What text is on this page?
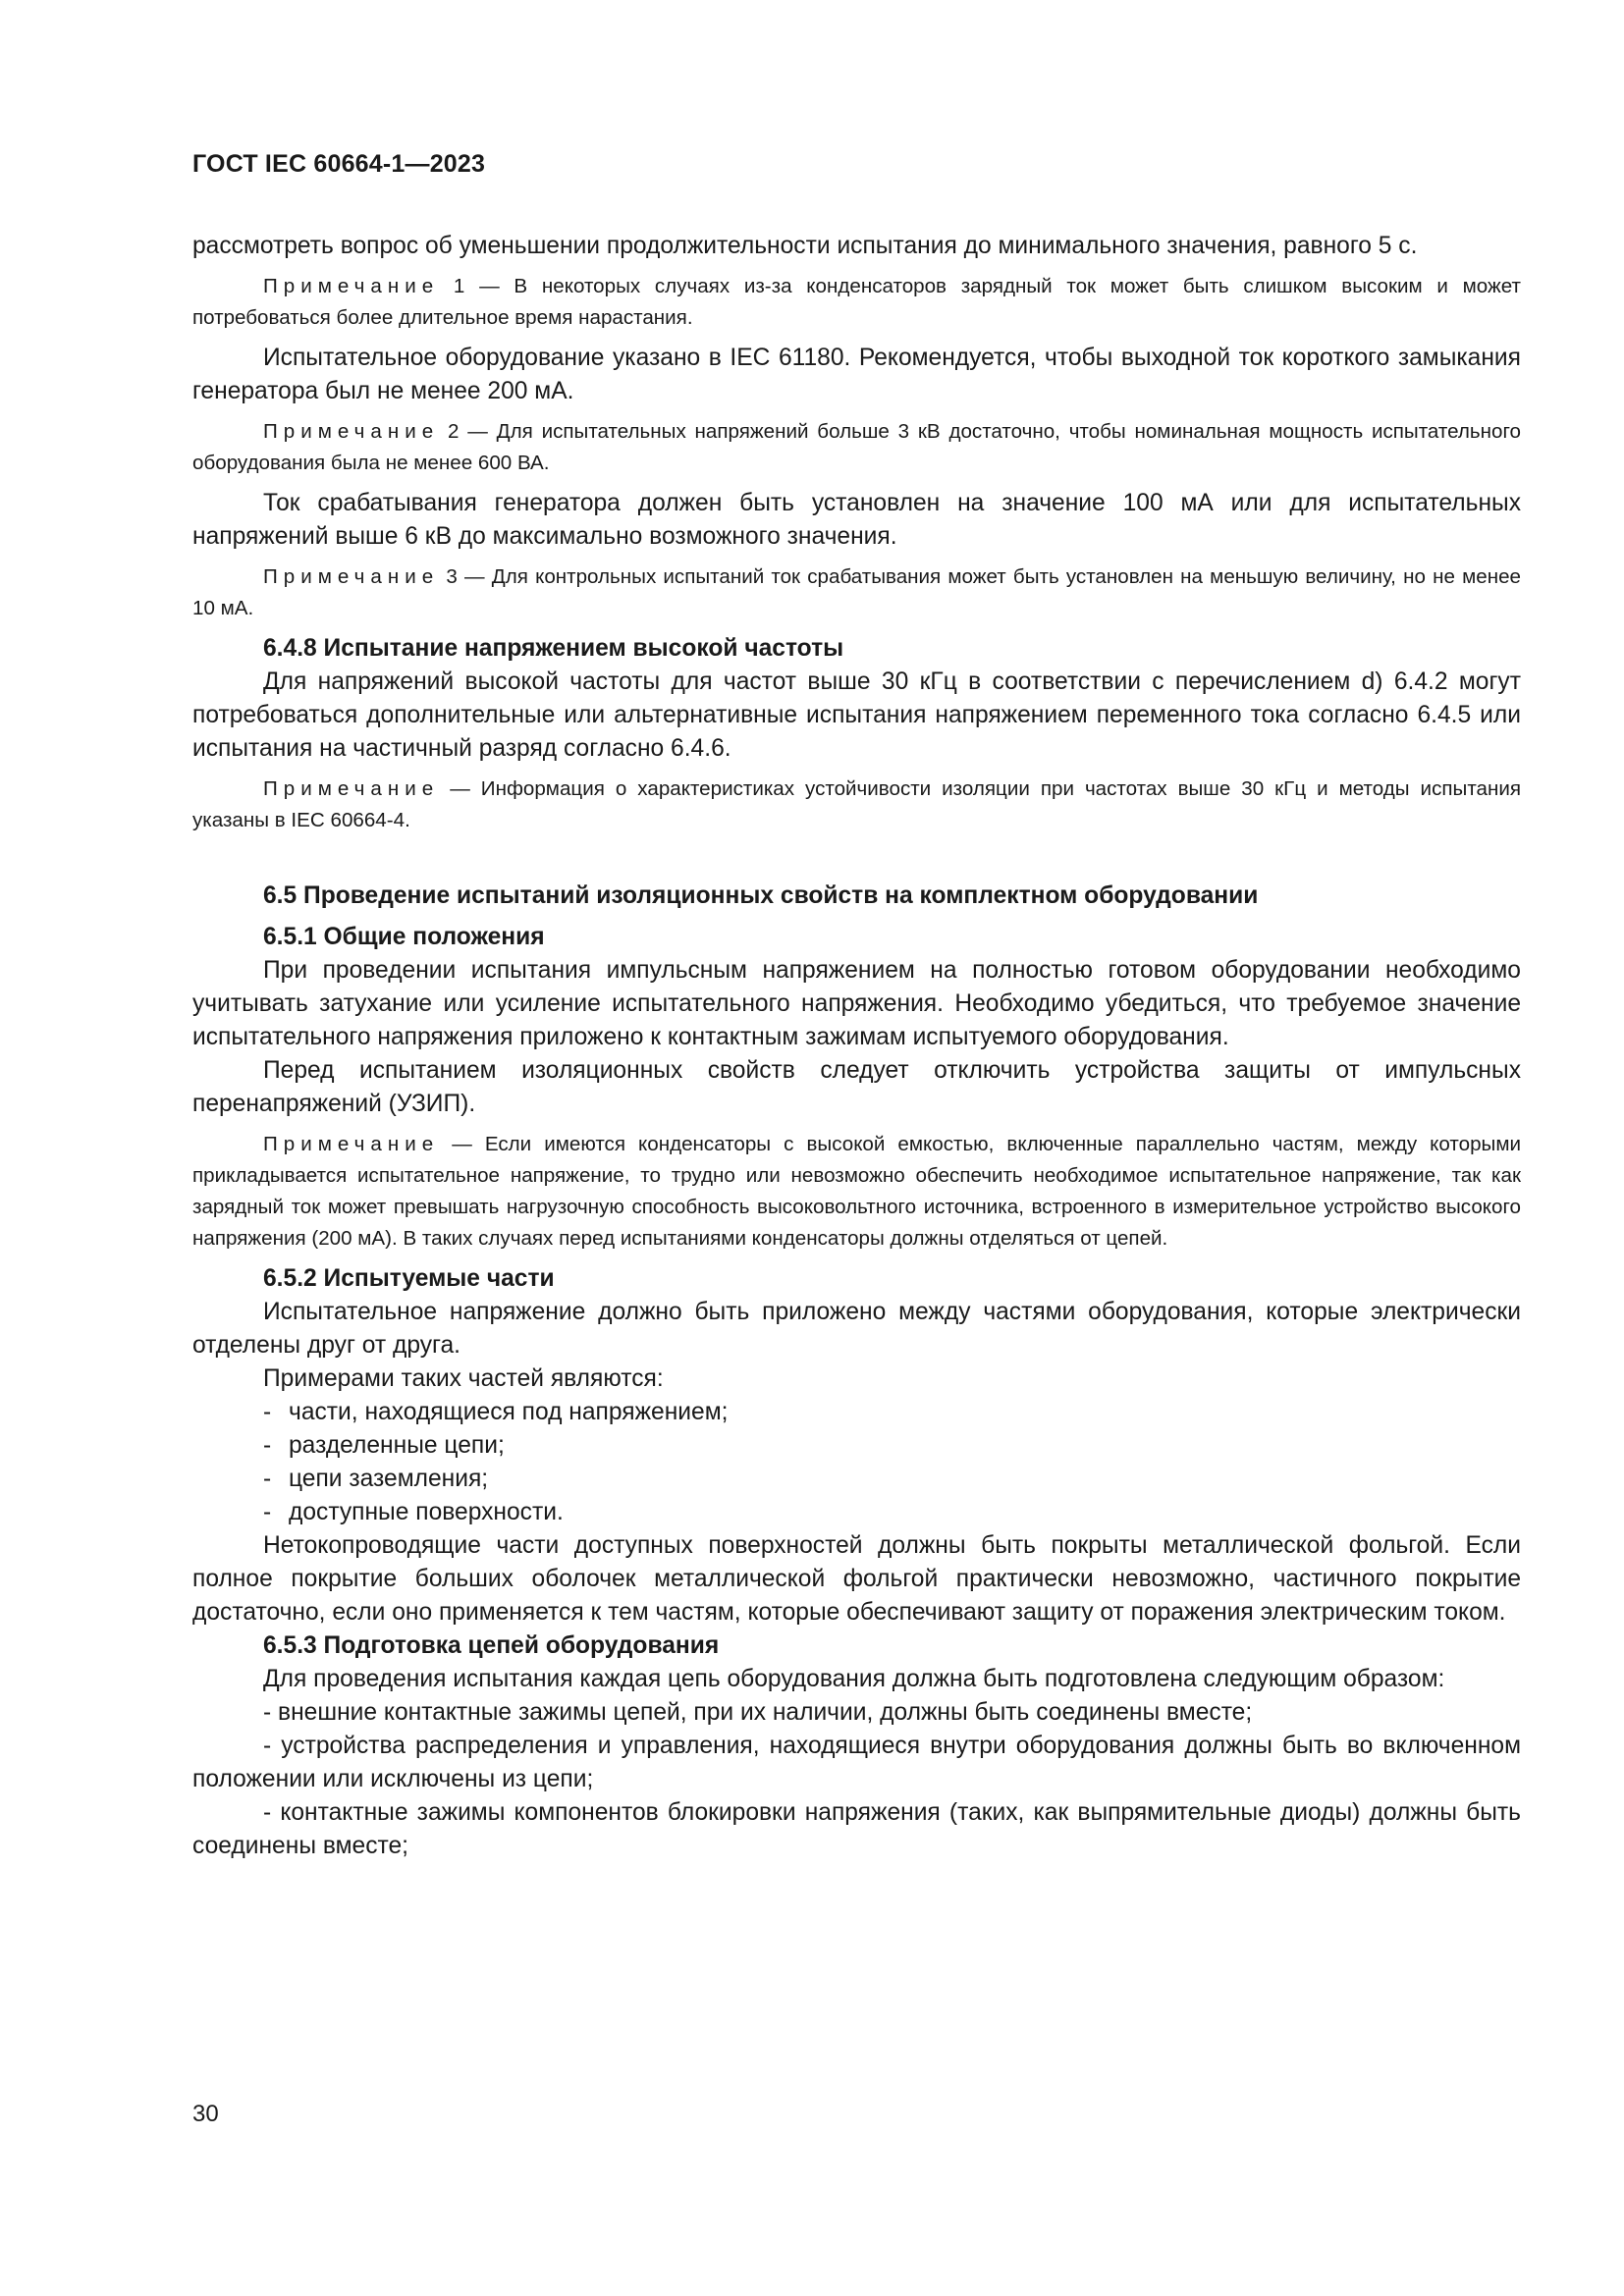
ГОСТ IEC 60664-1—2023

рассмотреть вопрос об уменьшении продолжительности испытания до минимального значения, равного 5 с.

Примечание 1 — В некоторых случаях из-за конденсаторов зарядный ток может быть слишком высоким и может потребоваться более длительное время нарастания.

Испытательное оборудование указано в IEC 61180. Рекомендуется, чтобы выходной ток короткого замыкания генератора был не менее 200 мА.

Примечание 2 — Для испытательных напряжений больше 3 кВ достаточно, чтобы номинальная мощность испытательного оборудования была не менее 600 ВА.

Ток срабатывания генератора должен быть установлен на значение 100 мА или для испытательных напряжений выше 6 кВ до максимально возможного значения.

Примечание 3 — Для контрольных испытаний ток срабатывания может быть установлен на меньшую величину, но не менее 10 мА.

6.4.8 Испытание напряжением высокой частоты

Для напряжений высокой частоты для частот выше 30 кГц в соответствии с перечислением d) 6.4.2 могут потребоваться дополнительные или альтернативные испытания напряжением переменного тока согласно 6.4.5 или испытания на частичный разряд согласно 6.4.6.

Примечание — Информация о характеристиках устойчивости изоляции при частотах выше 30 кГц и методы испытания указаны в IEC 60664-4.

6.5 Проведение испытаний изоляционных свойств на комплектном оборудовании
6.5.1 Общие положения

При проведении испытания импульсным напряжением на полностью готовом оборудовании необходимо учитывать затухание или усиление испытательного напряжения. Необходимо убедиться, что требуемое значение испытательного напряжения приложено к контактным зажимам испытуемого оборудования.

Перед испытанием изоляционных свойств следует отключить устройства защиты от импульсных перенапряжений (УЗИП).

Примечание — Если имеются конденсаторы с высокой емкостью, включенные параллельно частям, между которыми прикладывается испытательное напряжение, то трудно или невозможно обеспечить необходимое испытательное напряжение, так как зарядный ток может превышать нагрузочную способность высоковольтного источника, встроенного в измерительное устройство высокого напряжения (200 мА). В таких случаях перед испытаниями конденсаторы должны отделяться от цепей.

6.5.2 Испытуемые части

Испытательное напряжение должно быть приложено между частями оборудования, которые электрически отделены друг от друга.

Примерами таких частей являются:

- части, находящиеся под напряжением;
- разделенные цепи;
- цепи заземления;
- доступные поверхности.

Нетокопроводящие части доступных поверхностей должны быть покрыты металлической фольгой. Если полное покрытие больших оболочек металлической фольгой практически невозможно, частичного покрытие достаточно, если оно применяется к тем частям, которые обеспечивают защиту от поражения электрическим током.

6.5.3 Подготовка цепей оборудования

Для проведения испытания каждая цепь оборудования должна быть подготовлена следующим образом:

- внешние контактные зажимы цепей, при их наличии, должны быть соединены вместе;

- устройства распределения и управления, находящиеся внутри оборудования должны быть во включенном положении или исключены из цепи;

- контактные зажимы компонентов блокировки напряжения (таких, как выпрямительные диоды) должны быть соединены вместе;

30
